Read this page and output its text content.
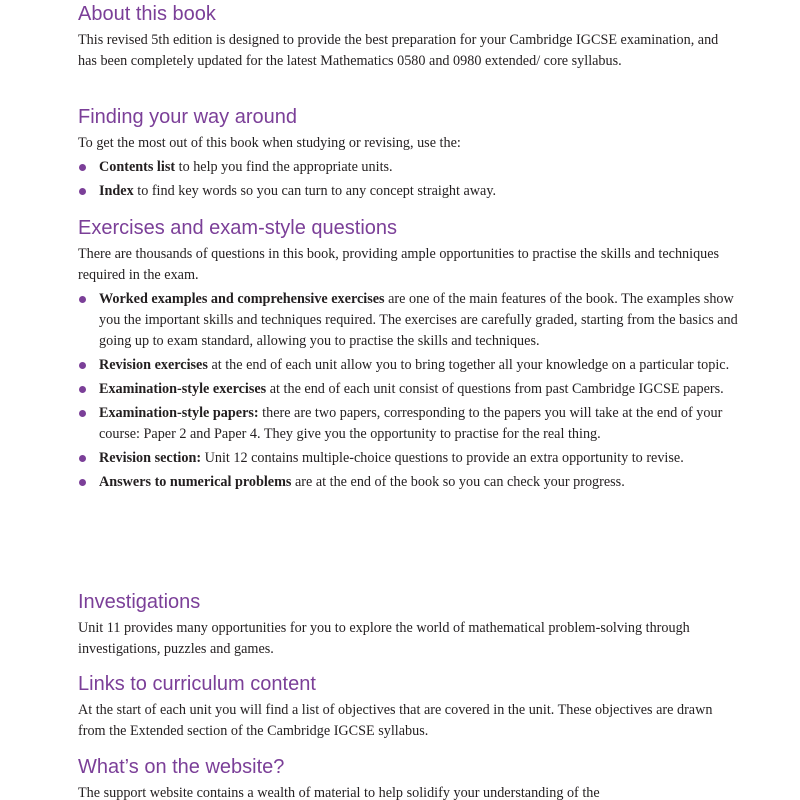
About this book

This revised 5th edition is designed to provide the best preparation for your Cambridge IGCSE examination, and has been completely updated for the latest Mathematics 0580 and 0980 extended/ core syllabus.

Finding your way around

To get the most out of this book when studying or revising, use the:

Contents list to help you find the appropriate units.
Index to find key words so you can turn to any concept straight away.
Exercises and exam-style questions

There are thousands of questions in this book, providing ample opportunities to practise the skills and techniques required in the exam.

Worked examples and comprehensive exercises are one of the main features of the book. The examples show you the important skills and techniques required. The exercises are carefully graded, starting from the basics and going up to exam standard, allowing you to practise the skills and techniques.
Revision exercises at the end of each unit allow you to bring together all your knowledge on a particular topic.
Examination-style exercises at the end of each unit consist of questions from past Cambridge IGCSE papers.
Examination-style papers: there are two papers, corresponding to the papers you will take at the end of your course: Paper 2 and Paper 4. They give you the opportunity to practise for the real thing.
Revision section: Unit 12 contains multiple-choice questions to provide an extra opportunity to revise.
Answers to numerical problems are at the end of the book so you can check your progress.
Investigations

Unit 11 provides many opportunities for you to explore the world of mathematical problem-solving through investigations, puzzles and games.

Links to curriculum content

At the start of each unit you will find a list of objectives that are covered in the unit. These objectives are drawn from the Extended section of the Cambridge IGCSE syllabus.

What’s on the website?

The support website contains a wealth of material to help solidify your understanding of the
